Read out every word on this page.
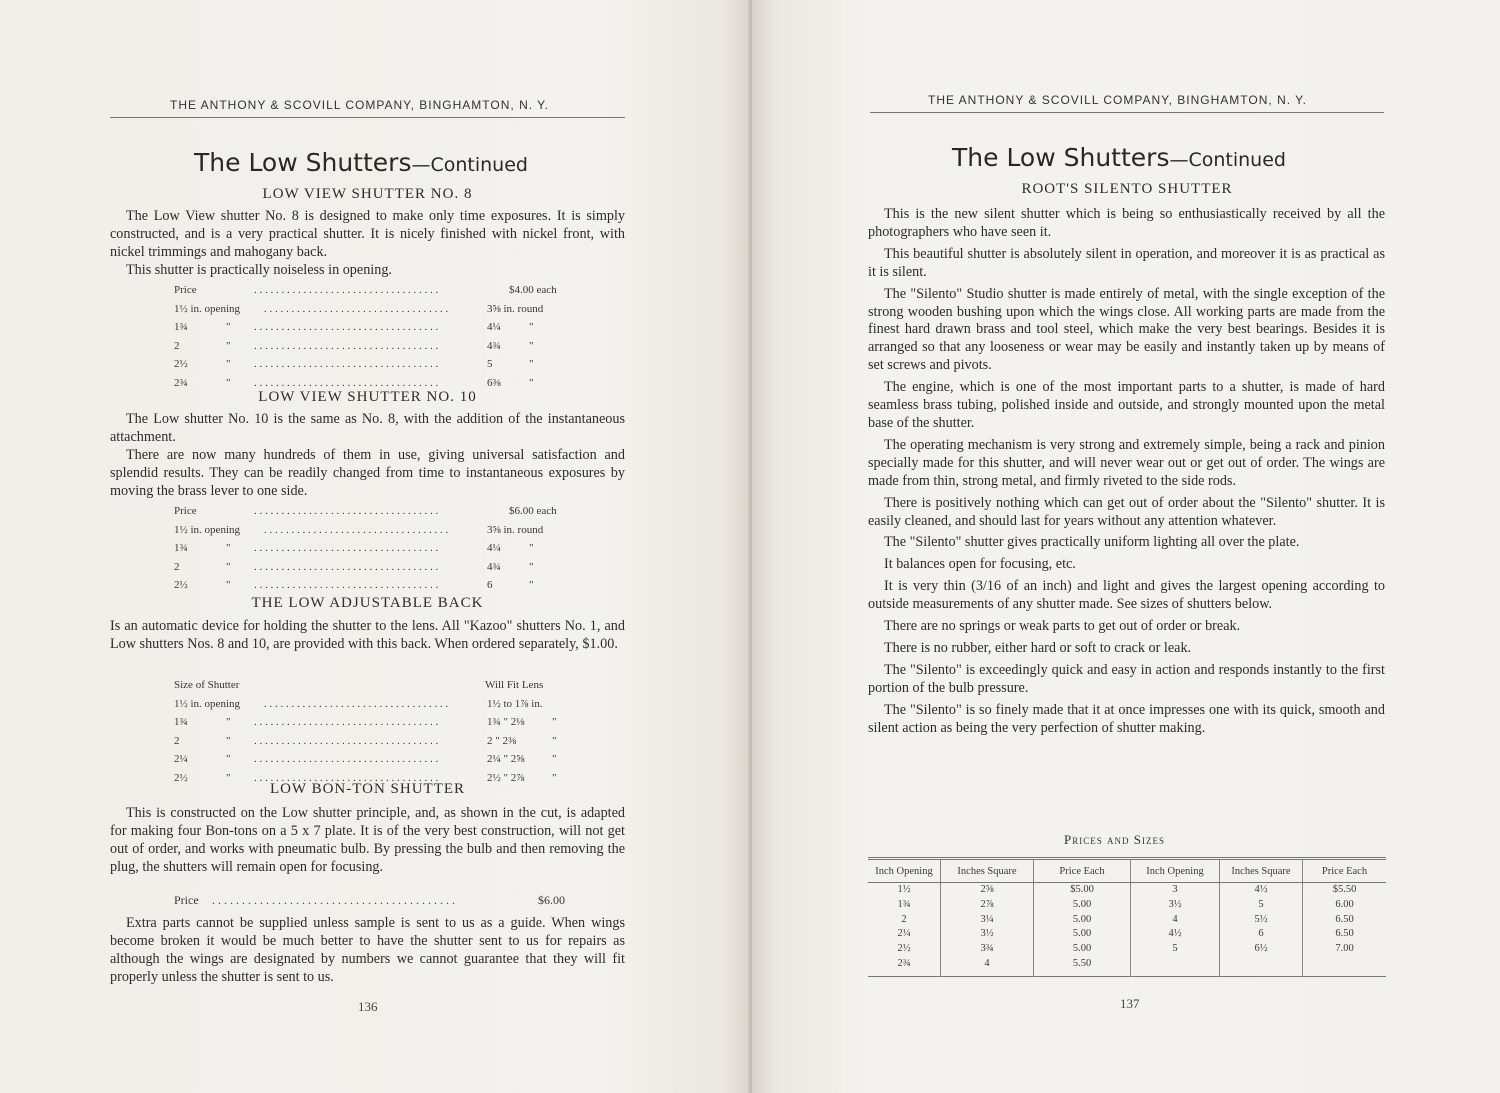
THE ANTHONY & SCOVILL COMPANY, BINGHAMTON, N. Y.
The Low Shutters—Continued
LOW VIEW SHUTTER NO. 8

The Low View shutter No. 8 is designed to make only time exposures. It is simply constructed, and is a very practical shutter. It is nicely finished with nickel front, with nickel trimmings and mahogany back.

This shutter is practically noiseless in opening.

Price	. . . . . . . . . . . . . . . . . . . . . . . . . . . . . . . . . .	$4.00 each
1½ in. opening . . . . . . . . . . . . . . . . . . . . . . . . . . . . . . . . . .	3⅝ in. round
1¾	" . . . . . . . . . . . . . . . . . . . . . . . . . . . . . . . . . .	4¼	"
2	" . . . . . . . . . . . . . . . . . . . . . . . . . . . . . . . . . .	4¾	"
2½	" . . . . . . . . . . . . . . . . . . . . . . . . . . . . . . . . . .	5	"
2¾	" . . . . . . . . . . . . . . . . . . . . . . . . . . . . . . . . . .	6⅜	"
LOW VIEW SHUTTER NO. 10

The Low shutter No. 10 is the same as No. 8, with the addition of the instantaneous attachment.

There are now many hundreds of them in use, giving universal satisfaction and splendid results. They can be readily changed from time to instantaneous exposures by moving the brass lever to one side.

Price	. . . . . . . . . . . . . . . . . . . . . . . . . . . . . . . . . .	$6.00 each
1½ in. opening . . . . . . . . . . . . . . . . . . . . . . . . . . . . . . . . . .	3⅝ in. round
1¾	" . . . . . . . . . . . . . . . . . . . . . . . . . . . . . . . . . .	4¼	"
2	" . . . . . . . . . . . . . . . . . . . . . . . . . . . . . . . . . .	4¾	"
2½	" . . . . . . . . . . . . . . . . . . . . . . . . . . . . . . . . . .	6	"
THE LOW ADJUSTABLE BACK

Is an automatic device for holding the shutter to the lens. All "Kazoo" shutters No. 1, and Low shutters Nos. 8 and 10, are provided with this back. When ordered separately, $1.00.

Size of Shutter	Will Fit Lens
1½ in. opening . . . . . . . . . . . . . . . . . . . . . . . . . . . . . . . . . .	1½ to 1⅞ in.
1¾	" . . . . . . . . . . . . . . . . . . . . . . . . . . . . . . . . . .	1¾ " 2⅛	"
2	" . . . . . . . . . . . . . . . . . . . . . . . . . . . . . . . . . .	2 " 2⅜	"
2¼	" . . . . . . . . . . . . . . . . . . . . . . . . . . . . . . . . . .	2¼ " 2⅝	"
2½	" . . . . . . . . . . . . . . . . . . . . . . . . . . . . . . . . . .	2½ " 2⅞	"
LOW BON-TON SHUTTER

This is constructed on the Low shutter principle, and, as shown in the cut, is adapted for making four Bon-tons on a 5 x 7 plate. It is of the very best construction, will not get out of order, and works with pneumatic bulb. By pressing the bulb and then removing the plug, the shutters will remain open for focusing.

Price . . . . . . . . . . . . . . . . . . . . . . . . . . . . . . . . . . . . . . . . .	$6.00

Extra parts cannot be supplied unless sample is sent to us as a guide. When wings become broken it would be much better to have the shutter sent to us for repairs as although the wings are designated by numbers we cannot guarantee that they will fit properly unless the shutter is sent to us.

136
THE ANTHONY & SCOVILL COMPANY, BINGHAMTON, N. Y.
The Low Shutters—Continued
ROOT'S SILENTO SHUTTER

This is the new silent shutter which is being so enthusiastically received by all the photographers who have seen it.

This beautiful shutter is absolutely silent in operation, and moreover it is as practical as it is silent.

The "Silento" Studio shutter is made entirely of metal, with the single exception of the strong wooden bushing upon which the wings close. All working parts are made from the finest hard drawn brass and tool steel, which make the very best bearings. Besides it is arranged so that any looseness or wear may be easily and instantly taken up by means of set screws and pivots.

The engine, which is one of the most important parts to a shutter, is made of hard seamless brass tubing, polished inside and outside, and strongly mounted upon the metal base of the shutter.

The operating mechanism is very strong and extremely simple, being a rack and pinion specially made for this shutter, and will never wear out or get out of order. The wings are made from thin, strong metal, and firmly riveted to the side rods.

There is positively nothing which can get out of order about the "Silento" shutter. It is easily cleaned, and should last for years without any attention whatever.

The "Silento" shutter gives practically uniform lighting all over the plate.

It balances open for focusing, etc.

It is very thin (3/16 of an inch) and light and gives the largest opening according to outside measurements of any shutter made. See sizes of shutters below.

There are no springs or weak parts to get out of order or break.

There is no rubber, either hard or soft to crack or leak.

The "Silento" is exceedingly quick and easy in action and responds instantly to the first portion of the bulb pressure.

The "Silento" is so finely made that it at once impresses one with its quick, smooth and silent action as being the very perfection of shutter making.

Prices and Sizes
Inch Opening	Inches Square	Price Each	Inch Opening	Inches Square	Price Each
1½	2⅝	$5.00	3	4½	$5.50
1¾	2⅞	5.00	3½	5	6.00
2	3¼	5.00	4	5½	6.50
2¼	3½	5.00	4½	6	6.50
2½	3¾	5.00	5	6½	7.00
2¾	4	5.50			
137
